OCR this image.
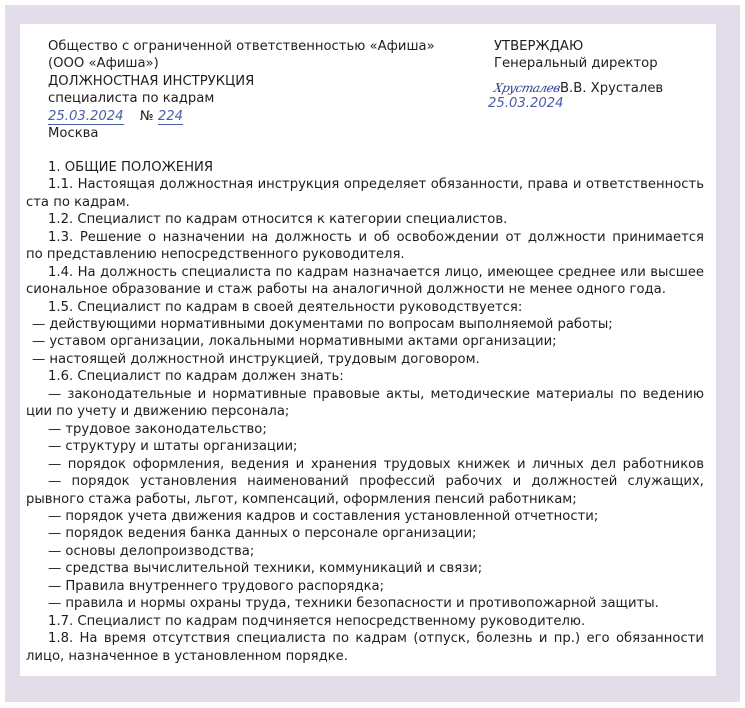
Общество с ограниченной ответственностью «Афиша»
(ООО «Афиша»)
ДОЛЖНОСТНАЯ ИНСТРУКЦИЯ
специалиста по кадрам
25.03.2024 № 224
Москва
УТВЕРЖДАЮ
Генеральный директор
Хрусталев
В.В. Хрусталев
25.03.2024
1. ОБЩИЕ ПОЛОЖЕНИЯ
1.1. Настоящая должностная инструкция определяет обязанности, права и ответственность
ста по кадрам.
1.2. Специалист по кадрам относится к категории специалистов.
1.3. Решение о назначении на должность и об освобождении от должности принимается
по представлению непосредственного руководителя.
1.4. На должность специалиста по кадрам назначается лицо, имеющее среднее или высшее
сиональное образование и стаж работы на аналогичной должности не менее одного года.
1.5. Специалист по кадрам в своей деятельности руководствуется:
— действующими нормативными документами по вопросам выполняемой работы;
— уставом организации, локальными нормативными актами организации;
— настоящей должностной инструкцией, трудовым договором.
1.6. Специалист по кадрам должен знать:
— законодательные и нормативные правовые акты, методические материалы по ведению
ции по учету и движению персонала;
— трудовое законодательство;
— структуру и штаты организации;
— порядок оформления, ведения и хранения трудовых книжек и личных дел работников
— порядок установления наименований профессий рабочих и должностей служащих,
рывного стажа работы, льгот, компенсаций, оформления пенсий работникам;
— порядок учета движения кадров и составления установленной отчетности;
— порядок ведения банка данных о персонале организации;
— основы делопроизводства;
— средства вычислительной техники, коммуникаций и связи;
— Правила внутреннего трудового распорядка;
— правила и нормы охраны труда, техники безопасности и противопожарной защиты.
1.7. Специалист по кадрам подчиняется непосредственному руководителю.
1.8. На время отсутствия специалиста по кадрам (отпуск, болезнь и пр.) его обязанности
лицо, назначенное в установленном порядке.
